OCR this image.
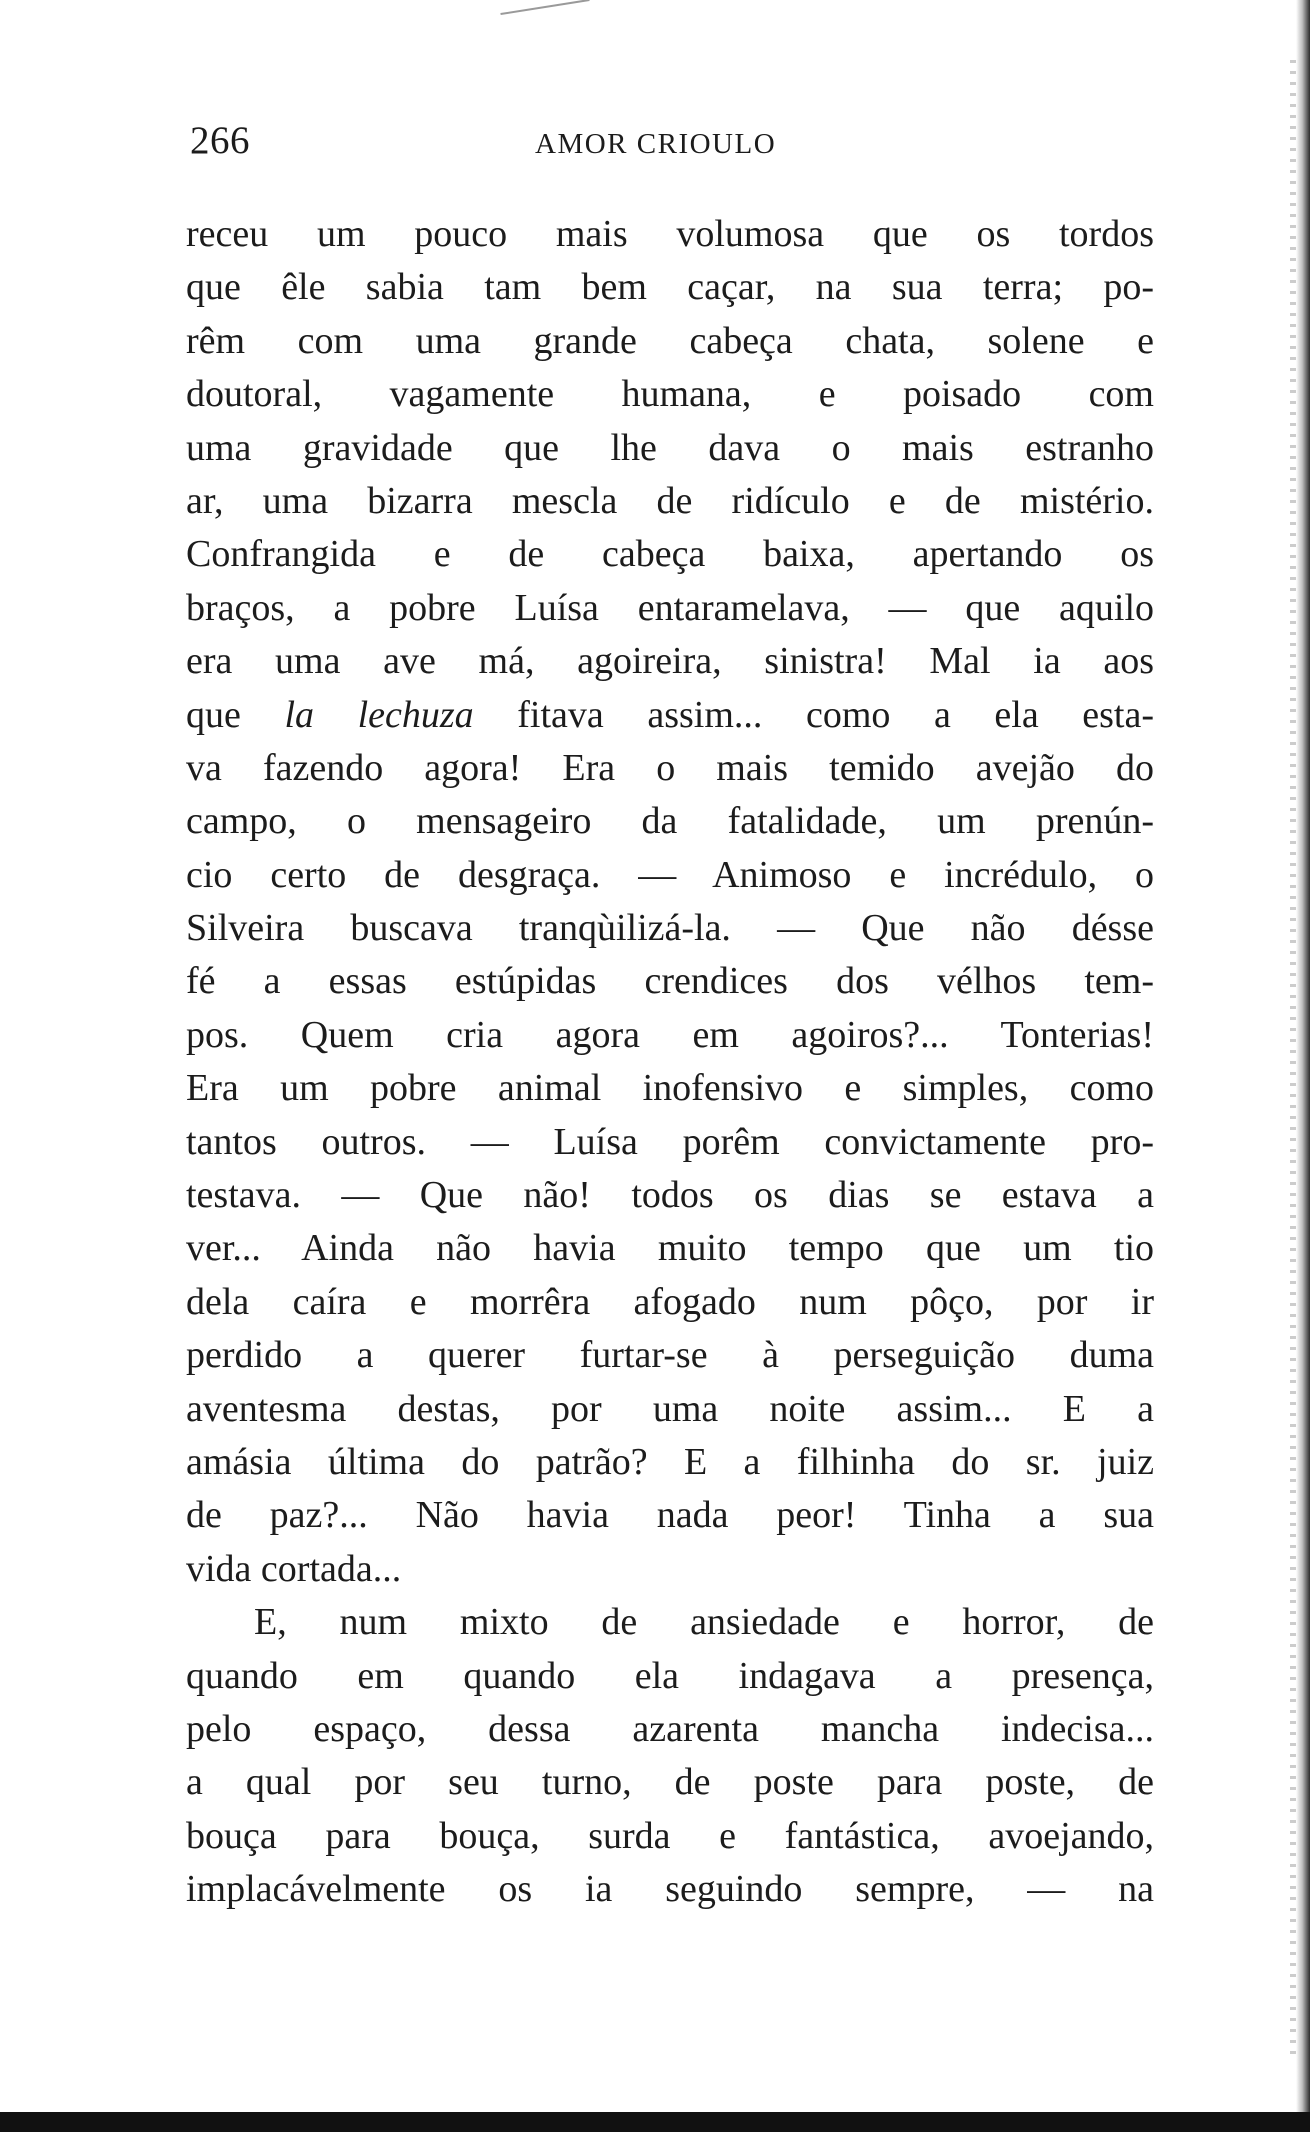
266	AMOR CRIOULO
receu um pouco mais volumosa que os tordos
que êle sabia tam bem caçar, na sua terra; po-
rêm com uma grande cabeça chata, solene e
doutoral, vagamente humana, e poisado com
uma gravidade que lhe dava o mais estranho
ar, uma bizarra mescla de ridículo e de mistério.
Confrangida e de cabeça baixa, apertando os
braços, a pobre Luísa entaramelava, — que aquilo
era uma ave má, agoireira, sinistra! Mal ia aos
que la lechuza fitava assim... como a ela esta-
va fazendo agora! Era o mais temido avejão do
campo, o mensageiro da fatalidade, um prenún-
cio certo de desgraça. — Animoso e incrédulo, o
Silveira buscava tranqùilizá-la. — Que não désse
fé a essas estúpidas crendices dos vélhos tem-
pos. Quem cria agora em agoiros?... Tonterias!
Era um pobre animal inofensivo e simples, como
tantos outros. — Luísa porêm convictamente pro-
testava. — Que não! todos os dias se estava a
ver... Ainda não havia muito tempo que um tio
dela caíra e morrêra afogado num pôço, por ir
perdido a querer furtar-se à perseguição duma
aventesma destas, por uma noite assim... E a
amásia última do patrão? E a filhinha do sr. juiz
de paz?... Não havia nada peor! Tinha a sua
vida cortada...
E, num mixto de ansiedade e horror, de
quando em quando ela indagava a presença,
pelo espaço, dessa azarenta mancha indecisa...
a qual por seu turno, de poste para poste, de
bouça para bouça, surda e fantástica, avoejando,
implacávelmente os ia seguindo sempre, — na
